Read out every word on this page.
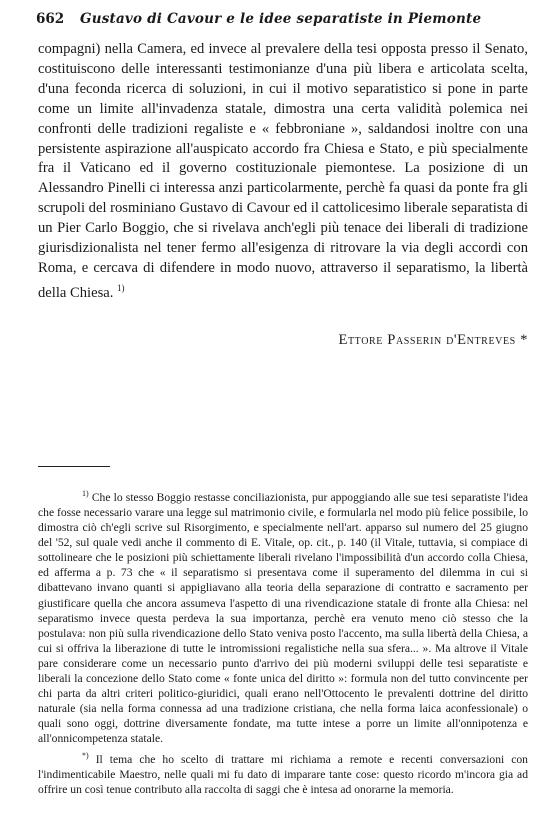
662 Gustavo di Cavour e le idee separatiste in Piemonte

compagni) nella Camera, ed invece al prevalere della tesi opposta presso il Senato, costituiscono delle interessanti testimonianze d'una più libera e articolata scelta, d'una feconda ricerca di soluzioni, in cui il motivo separatistico si pone in parte come un limite all'invadenza statale, dimostra una certa validità polemica nei confronti delle tradizioni regaliste e « febbroniane », saldandosi inoltre con una persistente aspirazione all'auspicato accordo fra Chiesa e Stato, e più specialmente fra il Vaticano ed il governo costituzionale piemontese. La posizione di un Alessandro Pinelli ci interessa anzi particolarmente, perchè fa quasi da ponte fra gli scrupoli del rosminiano Gustavo di Cavour ed il cattolicesimo liberale separatista di un Pier Carlo Boggio, che si rivelava anch'egli più tenace dei liberali di tradizione giurisdizionalista nel tener fermo all'esigenza di ritrovare la via degli accordi con Roma, e cercava di difendere in modo nuovo, attraverso il separatismo, la libertà della Chiesa. $^{1)}$

Ettore Passerin d'Entreves *

$^{1)}$ Che lo stesso Boggio restasse conciliazionista, pur appoggiando alle sue tesi separatiste l'idea che fosse necessario varare una legge sul matrimonio civile, e formularla nel modo più felice possibile, lo dimostra ciò ch'egli scrive sul Risorgimento, e specialmente nell'art. apparso sul numero del 25 giugno del '52, sul quale vedi anche il commento di E. Vitale, op. cit., p. 140 (il Vitale, tuttavia, si compiace di sottolineare che le posizioni più schiettamente liberali rivelano l'impossibilità d'un accordo colla Chiesa, ed afferma a p. 73 che « il separatismo si presentava come il superamento del dilemma in cui si dibattevano invano quanti si appigliavano alla teoria della separazione di contratto e sacramento per giustificare quella che ancora assumeva l'aspetto di una rivendicazione statale di fronte alla Chiesa: nel separatismo invece questa perdeva la sua importanza, perchè era venuto meno ciò stesso che la postulava: non più sulla rivendicazione dello Stato veniva posto l'accento, ma sulla libertà della Chiesa, a cui si offriva la liberazione di tutte le intromissioni regalistiche nella sua sfera... ». Ma altrove il Vitale pare considerare come un necessario punto d'arrivo dei più moderni sviluppi delle tesi separatiste e liberali la concezione dello Stato come « fonte unica del diritto »: formula non del tutto convincente per chi parta da altri criteri politico-giuridici, quali erano nell'Ottocento le prevalenti dottrine del diritto naturale (sia nella forma connessa ad una tradizione cristiana, che nella forma laica aconfessionale) o quali sono oggi, dottrine diversamente fondate, ma tutte intese a porre un limite all'onnipotenza e all'onnicompetenza statale.

*) Il tema che ho scelto di trattare mi richiama a remote e recenti conversazioni con l'indimenticabile Maestro, nelle quali mi fu dato di imparare tante cose: questo ricordo m'incora gia ad offrire un così tenue contributo alla raccolta di saggi che è intesa ad onorarne la memoria.
